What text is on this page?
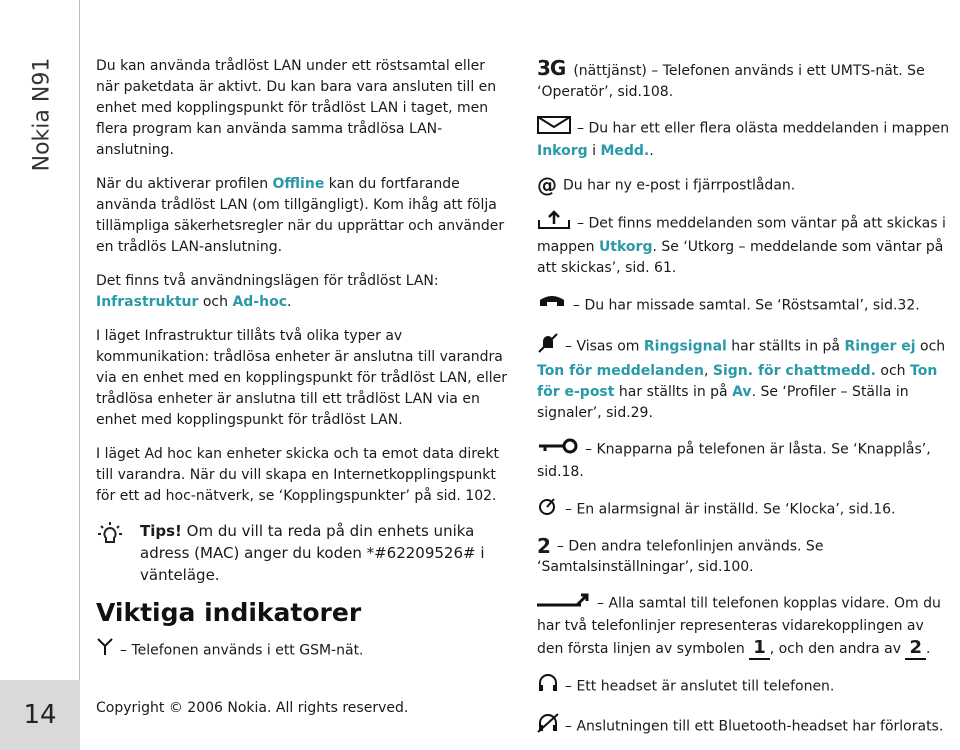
Nokia N91
14

Du kan använda trådlöst LAN under ett röstsamtal eller när paketdata är aktivt. Du kan bara vara ansluten till en enhet med kopplingspunkt för trådlöst LAN i taget, men flera program kan använda samma trådlösa LAN-anslutning.

När du aktiverar profilen Offline kan du fortfarande använda trådlöst LAN (om tillgängligt). Kom ihåg att följa tillämpliga säkerhetsregler när du upprättar och använder en trådlös LAN-anslutning.

Det finns två användningslägen för trådlöst LAN: Infrastruktur och Ad-hoc.

I läget Infrastruktur tillåts två olika typer av kommunikation: trådlösa enheter är anslutna till varandra via en enhet med en kopplingspunkt för trådlöst LAN, eller trådlösa enheter är anslutna till ett trådlöst LAN via en enhet med kopplingspunkt för trådlöst LAN.

I läget Ad hoc kan enheter skicka och ta emot data direkt till varandra. När du vill skapa en Internetkopplingspunkt för ett ad hoc-nätverk, se ‘Kopplingspunkter’ på sid. 102.

Tips! Om du vill ta reda på din enhets unika adress (MAC) anger du koden *#62209526# i vänteläge.

Viktiga indikatorer
– Telefonen används i ett GSM-nät.
3G (nättjänst) – Telefonen används i ett UMTS-nät. Se ‘Operatör’, sid.108.
– Du har ett eller flera olästa meddelanden i mappen Inkorg i Medd..
@ Du har ny e-post i fjärrpostlådan.
– Det finns meddelanden som väntar på att skickas i mappen Utkorg. Se ‘Utkorg – meddelande som väntar på att skickas’, sid. 61.
– Du har missade samtal. Se ‘Röstsamtal’, sid.32.
– Visas om Ringsignal har ställts in på Ringer ej och Ton för meddelanden, Sign. för chattmedd. och Ton för e-post har ställts in på Av. Se ‘Profiler – Ställa in signaler’, sid.29.
– Knapparna på telefonen är låsta. Se ‘Knapplås’, sid.18.
– En alarmsignal är inställd. Se ‘Klocka’, sid.16.
2 – Den andra telefonlinjen används. Se ‘Samtalsinställningar’, sid.100.
– Alla samtal till telefonen kopplas vidare. Om du har två telefonlinjer representeras vidarekopplingen av den första linjen av symbolen 1 , och den andra av 2 .
– Ett headset är anslutet till telefonen.
– Anslutningen till ett Bluetooth-headset har förlorats.
Copyright © 2006 Nokia. All rights reserved.
